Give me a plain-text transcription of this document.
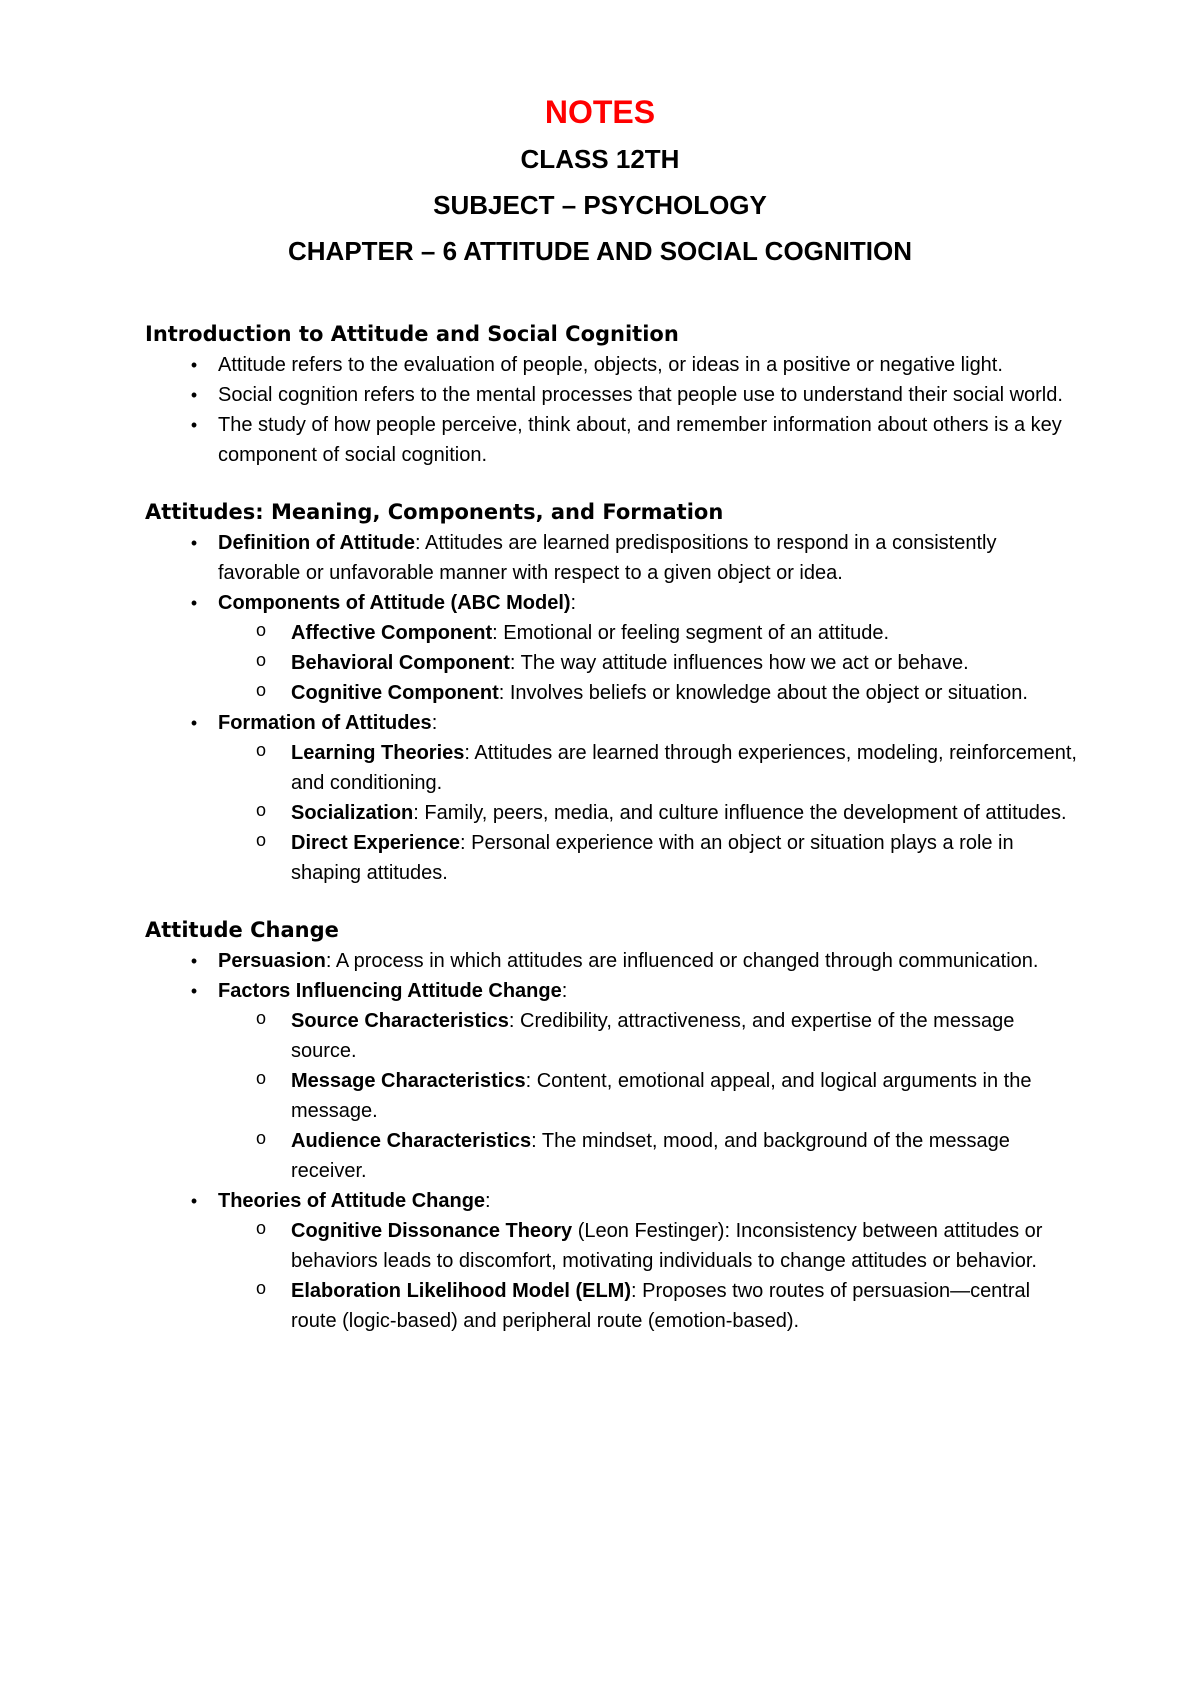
NOTES
CLASS 12TH
SUBJECT – PSYCHOLOGY
CHAPTER – 6 ATTITUDE AND SOCIAL COGNITION
Introduction to Attitude and Social Cognition
•	Attitude refers to the evaluation of people, objects, or ideas in a positive or negative light.
•	Social cognition refers to the mental processes that people use to understand their social world.
•	The study of how people perceive, think about, and remember information about others is a key component of social cognition.
Attitudes: Meaning, Components, and Formation
•	Definition of Attitude: Attitudes are learned predispositions to respond in a consistently favorable or unfavorable manner with respect to a given object or idea.
•	Components of Attitude (ABC Model):
o Affective Component: Emotional or feeling segment of an attitude.
o Behavioral Component: The way attitude influences how we act or behave.
o Cognitive Component: Involves beliefs or knowledge about the object or situation.
•	Formation of Attitudes:
o Learning Theories: Attitudes are learned through experiences, modeling, reinforcement, and conditioning.
o Socialization: Family, peers, media, and culture influence the development of attitudes.
o Direct Experience: Personal experience with an object or situation plays a role in shaping attitudes.
Attitude Change
•	Persuasion: A process in which attitudes are influenced or changed through communication.
•	Factors Influencing Attitude Change:
o Source Characteristics: Credibility, attractiveness, and expertise of the message source.
o Message Characteristics: Content, emotional appeal, and logical arguments in the message.
o Audience Characteristics: The mindset, mood, and background of the message receiver.
•	Theories of Attitude Change:
o Cognitive Dissonance Theory (Leon Festinger): Inconsistency between attitudes or behaviors leads to discomfort, motivating individuals to change attitudes or behavior.
o Elaboration Likelihood Model (ELM): Proposes two routes of persuasion—central route (logic-based) and peripheral route (emotion-based).
